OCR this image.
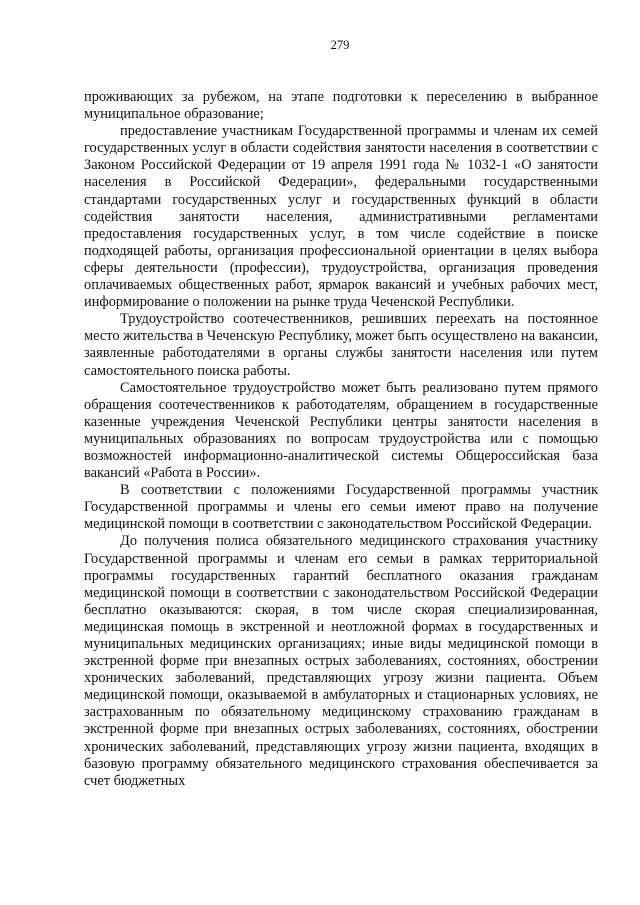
279

проживающих за рубежом, на этапе подготовки к переселению в выбранное муниципальное образование;

предоставление участникам Государственной программы и членам их семей государственных услуг в области содействия занятости населения в соответствии с Законом Российской Федерации от 19 апреля 1991 года № 1032-1 «О занятости населения в Российской Федерации», федеральными государственными стандартами государственных услуг и государственных функций в области содействия занятости населения, административными регламентами предоставления государственных услуг, в том числе содействие в поиске подходящей работы, организация профессиональной ориентации в целях выбора сферы деятельности (профессии), трудоустройства, организация проведения оплачиваемых общественных работ, ярмарок вакансий и учебных рабочих мест, информирование о положении на рынке труда Чеченской Республики.

Трудоустройство соотечественников, решивших переехать на постоянное место жительства в Чеченскую Республику, может быть осуществлено на вакансии, заявленные работодателями в органы службы занятости населения или путем самостоятельного поиска работы.

Самостоятельное трудоустройство может быть реализовано путем прямого обращения соотечественников к работодателям, обращением в государственные казенные учреждения Чеченской Республики центры занятости населения в муниципальных образованиях по вопросам трудоустройства или с помощью возможностей информационно-аналитической системы Общероссийская база вакансий «Работа в России».

В соответствии с положениями Государственной программы участник Государственной программы и члены его семьи имеют право на получение медицинской помощи в соответствии с законодательством Российской Федерации.

До получения полиса обязательного медицинского страхования участнику Государственной программы и членам его семьи в рамках территориальной программы государственных гарантий бесплатного оказания гражданам медицинской помощи в соответствии с законодательством Российской Федерации бесплатно оказываются: скорая, в том числе скорая специализированная, медицинская помощь в экстренной и неотложной формах в государственных и муниципальных медицинских организациях; иные виды медицинской помощи в экстренной форме при внезапных острых заболеваниях, состояниях, обострении хронических заболеваний, представляющих угрозу жизни пациента. Объем медицинской помощи, оказываемой в амбулаторных и стационарных условиях, не застрахованным по обязательному медицинскому страхованию гражданам в экстренной форме при внезапных острых заболеваниях, состояниях, обострении хронических заболеваний, представляющих угрозу жизни пациента, входящих в базовую программу обязательного медицинского страхования обеспечивается за счет бюджетных
